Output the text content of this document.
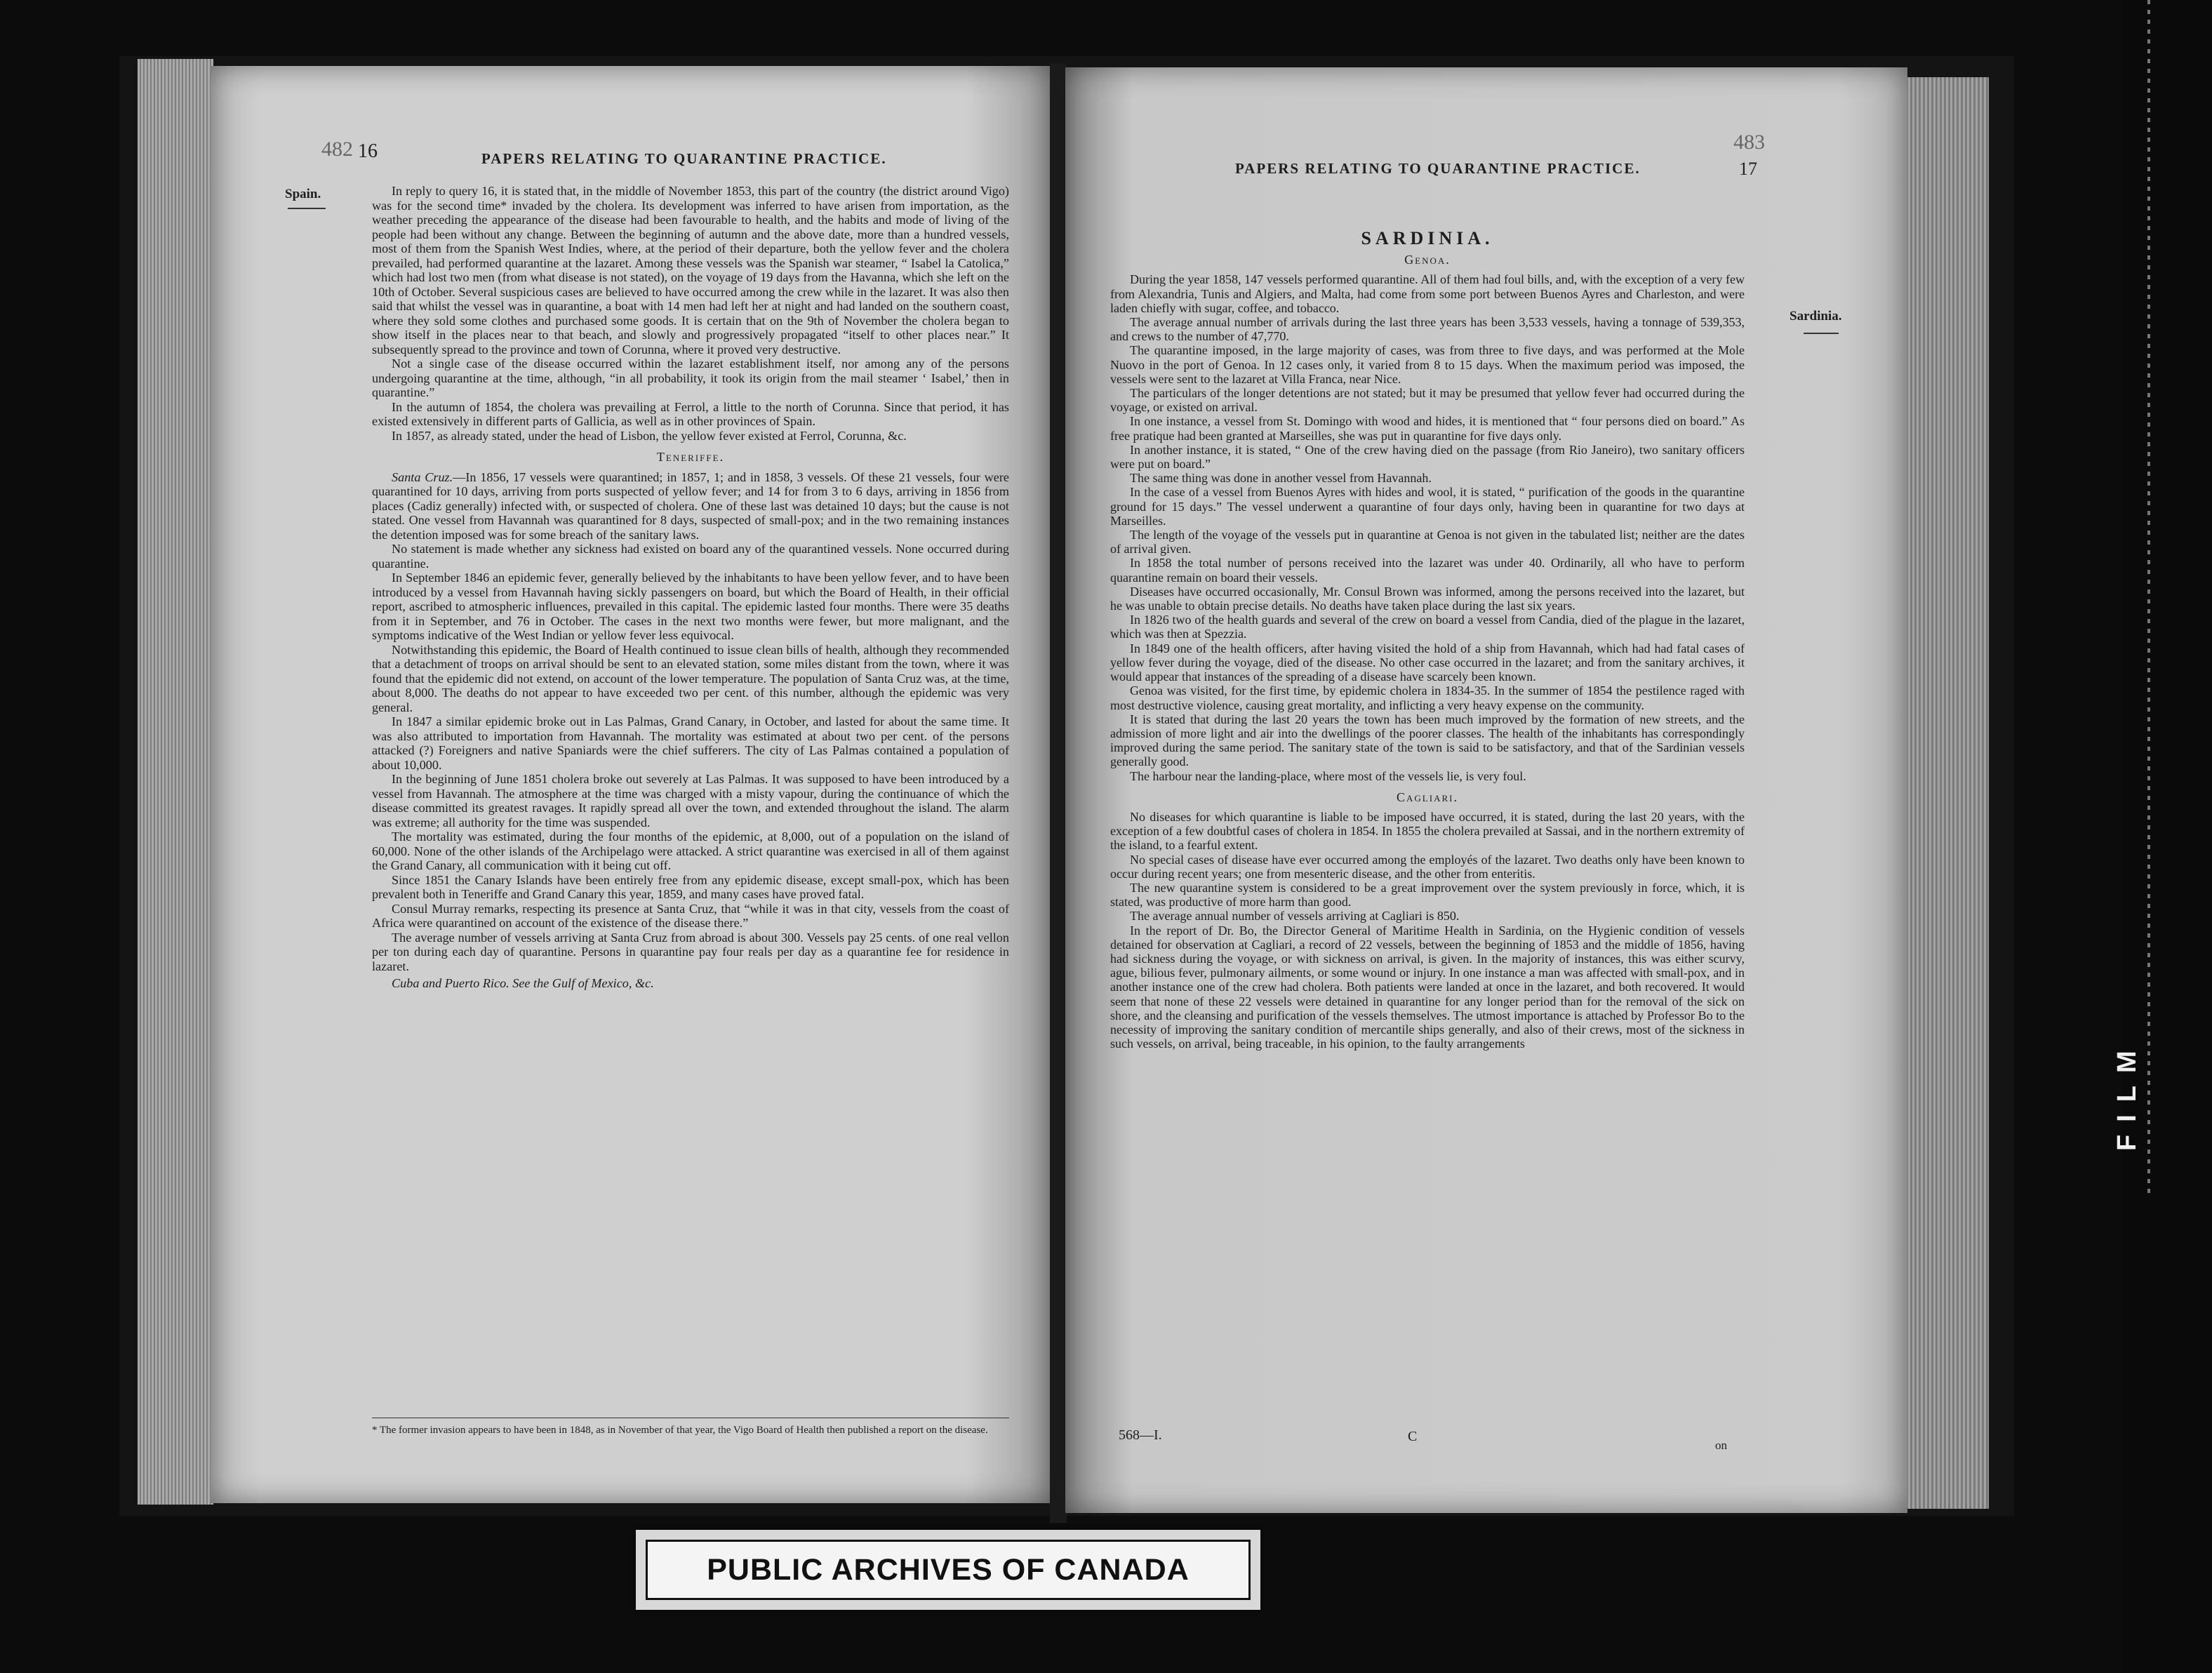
482 16	PAPERS RELATING TO QUARANTINE PRACTICE.
Spain.	In reply to query 16, it is stated that, in the middle of November 1853, this part of the country (the district around Vigo) was for the second time* invaded by the cholera. Its development was inferred to have arisen from importation, as the weather preceding the appearance of the disease had been favourable to health, and the habits and mode of living of the people had been without any change. Between the beginning of autumn and the above date, more than a hundred vessels, most of them from the Spanish West Indies, where, at the period of their departure, both the yellow fever and the cholera prevailed, had performed quarantine at the lazaret. Among these vessels was the Spanish war steamer, “ Isabel la Catolica,” which had lost two men (from what disease is not stated), on the voyage of 19 days from the Havanna, which she left on the 10th of October. Several suspicious cases are believed to have occurred among the crew while in the lazaret. It was also then said that whilst the vessel was in quarantine, a boat with 14 men had left her at night and had landed on the southern coast, where they sold some clothes and purchased some goods. It is certain that on the 9th of November the cholera began to show itself in the places near to that beach, and slowly and progressively propagated “itself to other places near.” It subsequently spread to the province and town of Corunna, where it proved very destructive.

Not a single case of the disease occurred within the lazaret establishment itself, nor among any of the persons undergoing quarantine at the time, although, “in all probability, it took its origin from the mail steamer ‘ Isabel,’ then in quarantine.”

In the autumn of 1854, the cholera was prevailing at Ferrol, a little to the north of Corunna. Since that period, it has existed extensively in different parts of Gallicia, as well as in other provinces of Spain.

In 1857, as already stated, under the head of Lisbon, the yellow fever existed at Ferrol, Corunna, &c.

Teneriffe.

Santa Cruz.—In 1856, 17 vessels were quarantined; in 1857, 1; and in 1858, 3 vessels. Of these 21 vessels, four were quarantined for 10 days, arriving from ports suspected of yellow fever; and 14 for from 3 to 6 days, arriving in 1856 from places (Cadiz generally) infected with, or suspected of cholera. One of these last was detained 10 days; but the cause is not stated. One vessel from Havannah was quarantined for 8 days, suspected of small-pox; and in the two remaining instances the detention imposed was for some breach of the sanitary laws.

No statement is made whether any sickness had existed on board any of the quarantined vessels. None occurred during quarantine.

In September 1846 an epidemic fever, generally believed by the inhabitants to have been yellow fever, and to have been introduced by a vessel from Havannah having sickly passengers on board, but which the Board of Health, in their official report, ascribed to atmospheric influences, prevailed in this capital. The epidemic lasted four months. There were 35 deaths from it in September, and 76 in October. The cases in the next two months were fewer, but more malignant, and the symptoms indicative of the West Indian or yellow fever less equivocal.

Notwithstanding this epidemic, the Board of Health continued to issue clean bills of health, although they recommended that a detachment of troops on arrival should be sent to an elevated station, some miles distant from the town, where it was found that the epidemic did not extend, on account of the lower temperature. The population of Santa Cruz was, at the time, about 8,000. The deaths do not appear to have exceeded two per cent. of this number, although the epidemic was very general.

In 1847 a similar epidemic broke out in Las Palmas, Grand Canary, in October, and lasted for about the same time. It was also attributed to importation from Havannah. The mortality was estimated at about two per cent. of the persons attacked (?) Foreigners and native Spaniards were the chief sufferers. The city of Las Palmas contained a population of about 10,000.

In the beginning of June 1851 cholera broke out severely at Las Palmas. It was supposed to have been introduced by a vessel from Havannah. The atmosphere at the time was charged with a misty vapour, during the continuance of which the disease committed its greatest ravages. It rapidly spread all over the town, and extended throughout the island. The alarm was extreme; all authority for the time was suspended.

The mortality was estimated, during the four months of the epidemic, at 8,000, out of a population on the island of 60,000. None of the other islands of the Archipelago were attacked. A strict quarantine was exercised in all of them against the Grand Canary, all communication with it being cut off.

Since 1851 the Canary Islands have been entirely free from any epidemic disease, except small-pox, which has been prevalent both in Teneriffe and Grand Canary this year, 1859, and many cases have proved fatal.

Consul Murray remarks, respecting its presence at Santa Cruz, that “while it was in that city, vessels from the coast of Africa were quarantined on account of the existence of the disease there.”

The average number of vessels arriving at Santa Cruz from abroad is about 300. Vessels pay 25 cents. of one real vellon per ton during each day of quarantine. Persons in quarantine pay four reals per day as a quarantine fee for residence in lazaret.

Cuba and Puerto Rico. See the Gulf of Mexico, &c.

* The former invasion appears to have been in 1848, as in November of that year, the Vigo Board of Health then published a report on the disease.
PAPERS RELATING TO QUARANTINE PRACTICE.
483
17
Sardinia.
SARDINIA.
Genoa.

During the year 1858, 147 vessels performed quarantine. All of them had foul bills, and, with the exception of a very few from Alexandria, Tunis and Algiers, and Malta, had come from some port between Buenos Ayres and Charleston, and were laden chiefly with sugar, coffee, and tobacco.

The average annual number of arrivals during the last three years has been 3,533 vessels, having a tonnage of 539,353, and crews to the number of 47,770.

The quarantine imposed, in the large majority of cases, was from three to five days, and was performed at the Mole Nuovo in the port of Genoa. In 12 cases only, it varied from 8 to 15 days. When the maximum period was imposed, the vessels were sent to the lazaret at Villa Franca, near Nice.

The particulars of the longer detentions are not stated; but it may be presumed that yellow fever had occurred during the voyage, or existed on arrival.

In one instance, a vessel from St. Domingo with wood and hides, it is mentioned that “ four persons died on board.” As free pratique had been granted at Marseilles, she was put in quarantine for five days only.

In another instance, it is stated, “ One of the crew having died on the passage (from Rio Janeiro), two sanitary officers were put on board.”

The same thing was done in another vessel from Havannah.

In the case of a vessel from Buenos Ayres with hides and wool, it is stated, “ purification of the goods in the quarantine ground for 15 days.” The vessel underwent a quarantine of four days only, having been in quarantine for two days at Marseilles.

The length of the voyage of the vessels put in quarantine at Genoa is not given in the tabulated list; neither are the dates of arrival given.

In 1858 the total number of persons received into the lazaret was under 40. Ordinarily, all who have to perform quarantine remain on board their vessels.

Diseases have occurred occasionally, Mr. Consul Brown was informed, among the persons received into the lazaret, but he was unable to obtain precise details. No deaths have taken place during the last six years.

In 1826 two of the health guards and several of the crew on board a vessel from Candia, died of the plague in the lazaret, which was then at Spezzia.

In 1849 one of the health officers, after having visited the hold of a ship from Havannah, which had had fatal cases of yellow fever during the voyage, died of the disease. No other case occurred in the lazaret; and from the sanitary archives, it would appear that instances of the spreading of a disease have scarcely been known.

Genoa was visited, for the first time, by epidemic cholera in 1834-35. In the summer of 1854 the pestilence raged with most destructive violence, causing great mortality, and inflicting a very heavy expense on the community.

It is stated that during the last 20 years the town has been much improved by the formation of new streets, and the admission of more light and air into the dwellings of the poorer classes. The health of the inhabitants has correspondingly improved during the same period. The sanitary state of the town is said to be satisfactory, and that of the Sardinian vessels generally good.

The harbour near the landing-place, where most of the vessels lie, is very foul.

Cagliari.

No diseases for which quarantine is liable to be imposed have occurred, it is stated, during the last 20 years, with the exception of a few doubtful cases of cholera in 1854. In 1855 the cholera prevailed at Sassai, and in the northern extremity of the island, to a fearful extent.

No special cases of disease have ever occurred among the employés of the lazaret. Two deaths only have been known to occur during recent years; one from mesenteric disease, and the other from enteritis.

The new quarantine system is considered to be a great improvement over the system previously in force, which, it is stated, was productive of more harm than good.

The average annual number of vessels arriving at Cagliari is 850.

In the report of Dr. Bo, the Director General of Maritime Health in Sardinia, on the Hygienic condition of vessels detained for observation at Cagliari, a record of 22 vessels, between the beginning of 1853 and the middle of 1856, having had sickness during the voyage, or with sickness on arrival, is given. In the majority of instances, this was either scurvy, ague, bilious fever, pulmonary ailments, or some wound or injury. In one instance a man was affected with small-pox, and in another instance one of the crew had cholera. Both patients were landed at once in the lazaret, and both recovered. It would seem that none of these 22 vessels were detained in quarantine for any longer period than for the removal of the sick on shore, and the cleansing and purification of the vessels themselves. The utmost importance is attached by Professor Bo to the necessity of improving the sanitary condition of mercantile ships generally, and also of their crews, most of the sickness in such vessels, on arrival, being traceable, in his opinion, to the faulty arrangements

568—I.	C
on
PUBLIC ARCHIVES OF CANADA
FILM
